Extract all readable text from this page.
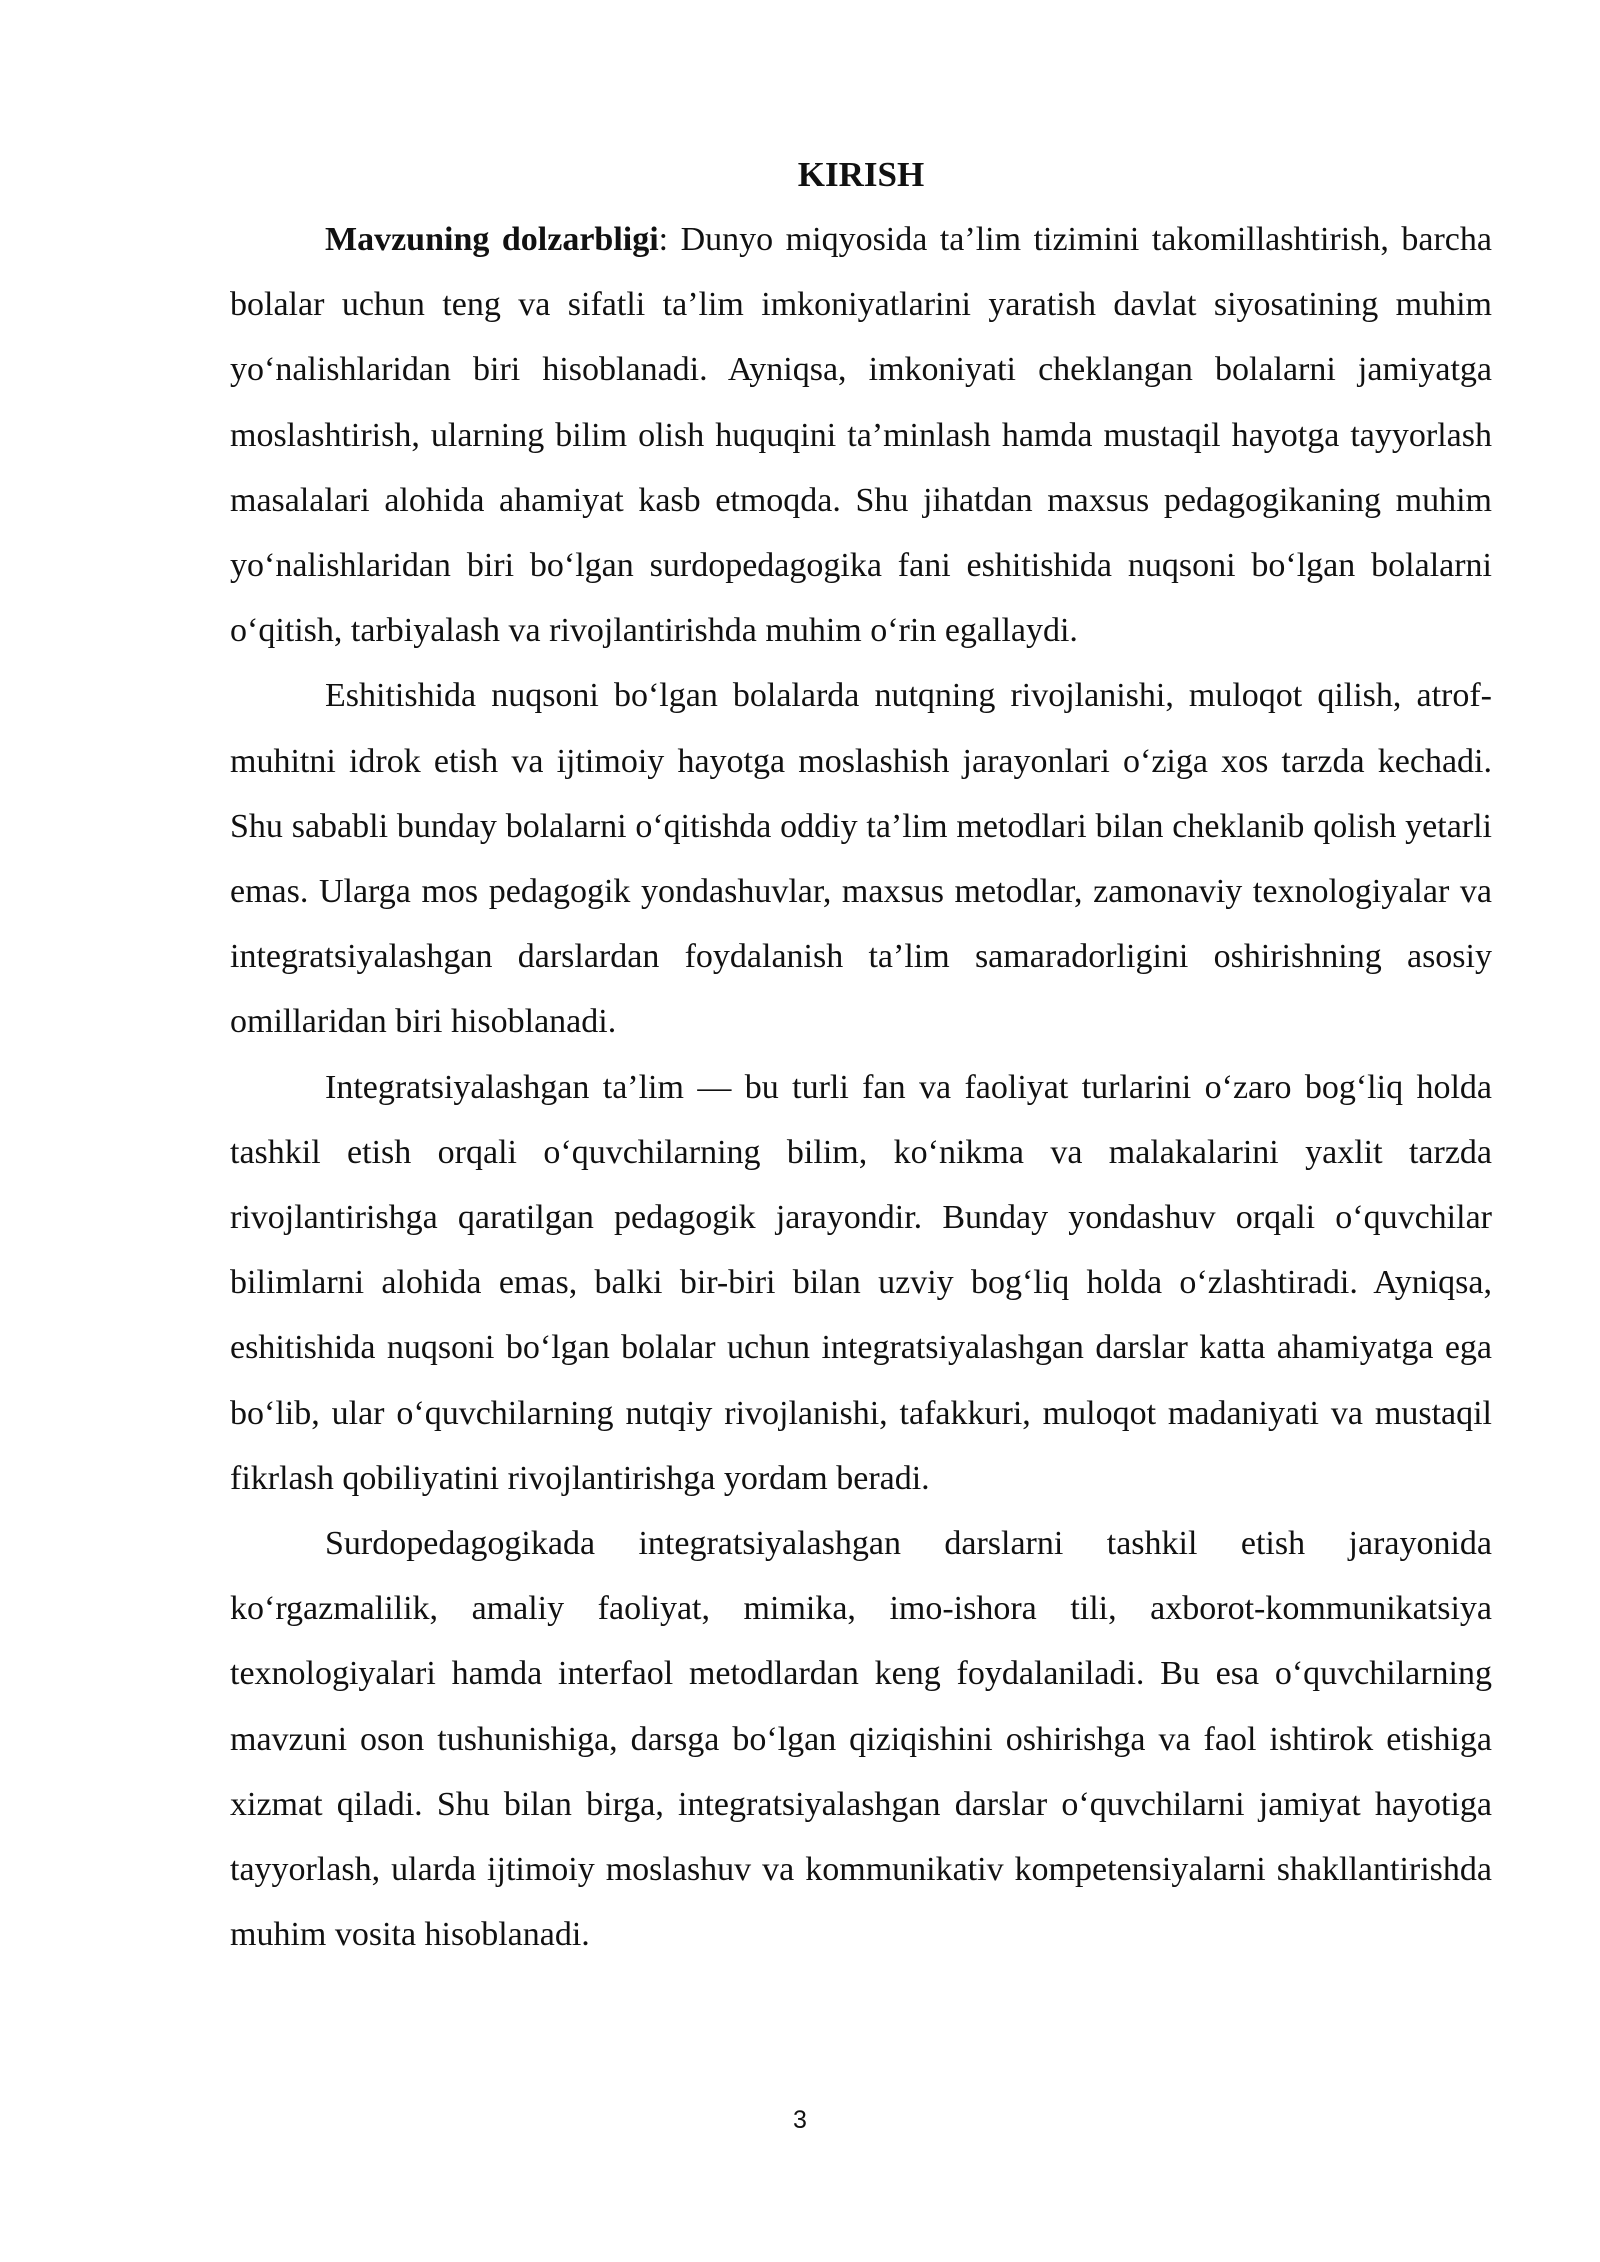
KIRISH

Mavzuning dolzarbligi: Dunyo miqyosida ta’lim tizimini takomillashtirish, barcha bolalar uchun teng va sifatli ta’lim imkoniyatlarini yaratish davlat siyosatining muhim yo‘nalishlaridan biri hisoblanadi. Ayniqsa, imkoniyati cheklangan bolalarni jamiyatga moslashtirish, ularning bilim olish huquqini ta’minlash hamda mustaqil hayotga tayyorlash masalalari alohida ahamiyat kasb etmoqda. Shu jihatdan maxsus pedagogikaning muhim yo‘nalishlaridan biri bo‘lgan surdopedagogika fani eshitishida nuqsoni bo‘lgan bolalarni o‘qitish, tarbiyalash va rivojlantirishda muhim o‘rin egallaydi.

Eshitishida nuqsoni bo‘lgan bolalarda nutqning rivojlanishi, muloqot qilish, atrof-muhitni idrok etish va ijtimoiy hayotga moslashish jarayonlari o‘ziga xos tarzda kechadi. Shu sababli bunday bolalarni o‘qitishda oddiy ta’lim metodlari bilan cheklanib qolish yetarli emas. Ularga mos pedagogik yondashuvlar, maxsus metodlar, zamonaviy texnologiyalar va integratsiyalashgan darslardan foydalanish ta’lim samaradorligini oshirishning asosiy omillaridan biri hisoblanadi.

Integratsiyalashgan ta’lim — bu turli fan va faoliyat turlarini o‘zaro bog‘liq holda tashkil etish orqali o‘quvchilarning bilim, ko‘nikma va malakalarini yaxlit tarzda rivojlantirishga qaratilgan pedagogik jarayondir. Bunday yondashuv orqali o‘quvchilar bilimlarni alohida emas, balki bir-biri bilan uzviy bog‘liq holda o‘zlashtiradi. Ayniqsa, eshitishida nuqsoni bo‘lgan bolalar uchun integratsiyalashgan darslar katta ahamiyatga ega bo‘lib, ular o‘quvchilarning nutqiy rivojlanishi, tafakkuri, muloqot madaniyati va mustaqil fikrlash qobiliyatini rivojlantirishga yordam beradi.

Surdopedagogikada integratsiyalashgan darslarni tashkil etish jarayonida ko‘rgazmalilik, amaliy faoliyat, mimika, imo-ishora tili, axborot-kommunikatsiya texnologiyalari hamda interfaol metodlardan keng foydalaniladi. Bu esa o‘quvchilarning mavzuni oson tushunishiga, darsga bo‘lgan qiziqishini oshirishga va faol ishtirok etishiga xizmat qiladi. Shu bilan birga, integratsiyalashgan darslar o‘quvchilarni jamiyat hayotiga tayyorlash, ularda ijtimoiy moslashuv va kommunikativ kompetensiyalarni shakllantirishda muhim vosita hisoblanadi.

3
